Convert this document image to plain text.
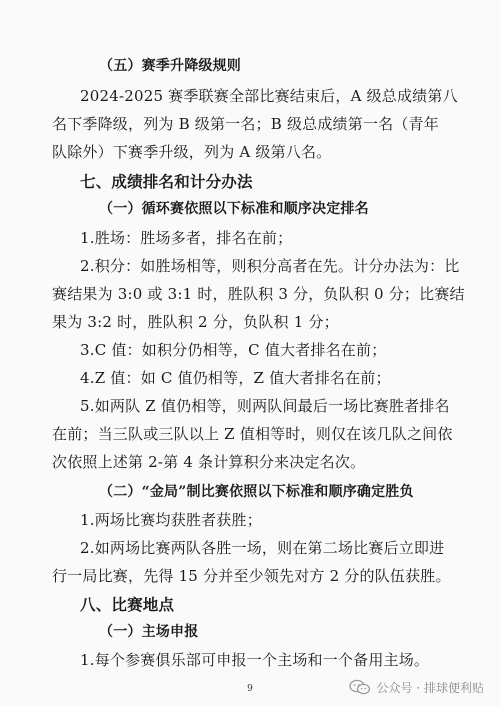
（五）赛季升降级规则
2024-2025 赛季联赛全部比赛结束后，A 级总成绩第八
名下季降级，列为 B 级第一名；B 级总成绩第一名（青年
队除外）下赛季升级，列为 A 级第八名。
七、成绩排名和计分办法
（一）循环赛依照以下标准和顺序决定排名
1.胜场：胜场多者，排名在前；
2.积分：如胜场相等，则积分高者在先。计分办法为：比
赛结果为 3:0 或 3:1 时，胜队积 3 分，负队积 0 分；比赛结
果为 3:2 时，胜队积 2 分，负队积 1 分；
3.C 值：如积分仍相等，C 值大者排名在前；
4.Z 值：如 C 值仍相等，Z 值大者排名在前；
5.如两队 Z 值仍相等，则两队间最后一场比赛胜者排名
在前；当三队或三队以上 Z 值相等时，则仅在该几队之间依
次依照上述第 2-第 4 条计算积分来决定名次。
（二）“金局”制比赛依照以下标准和顺序确定胜负
1.两场比赛均获胜者获胜；
2.如两场比赛两队各胜一场，则在第二场比赛后立即进
行一局比赛，先得 15 分并至少领先对方 2 分的队伍获胜。
八、比赛地点
（一）主场申报
1.每个参赛俱乐部可申报一个主场和一个备用主场。
9	公众号 · 排球便利贴
